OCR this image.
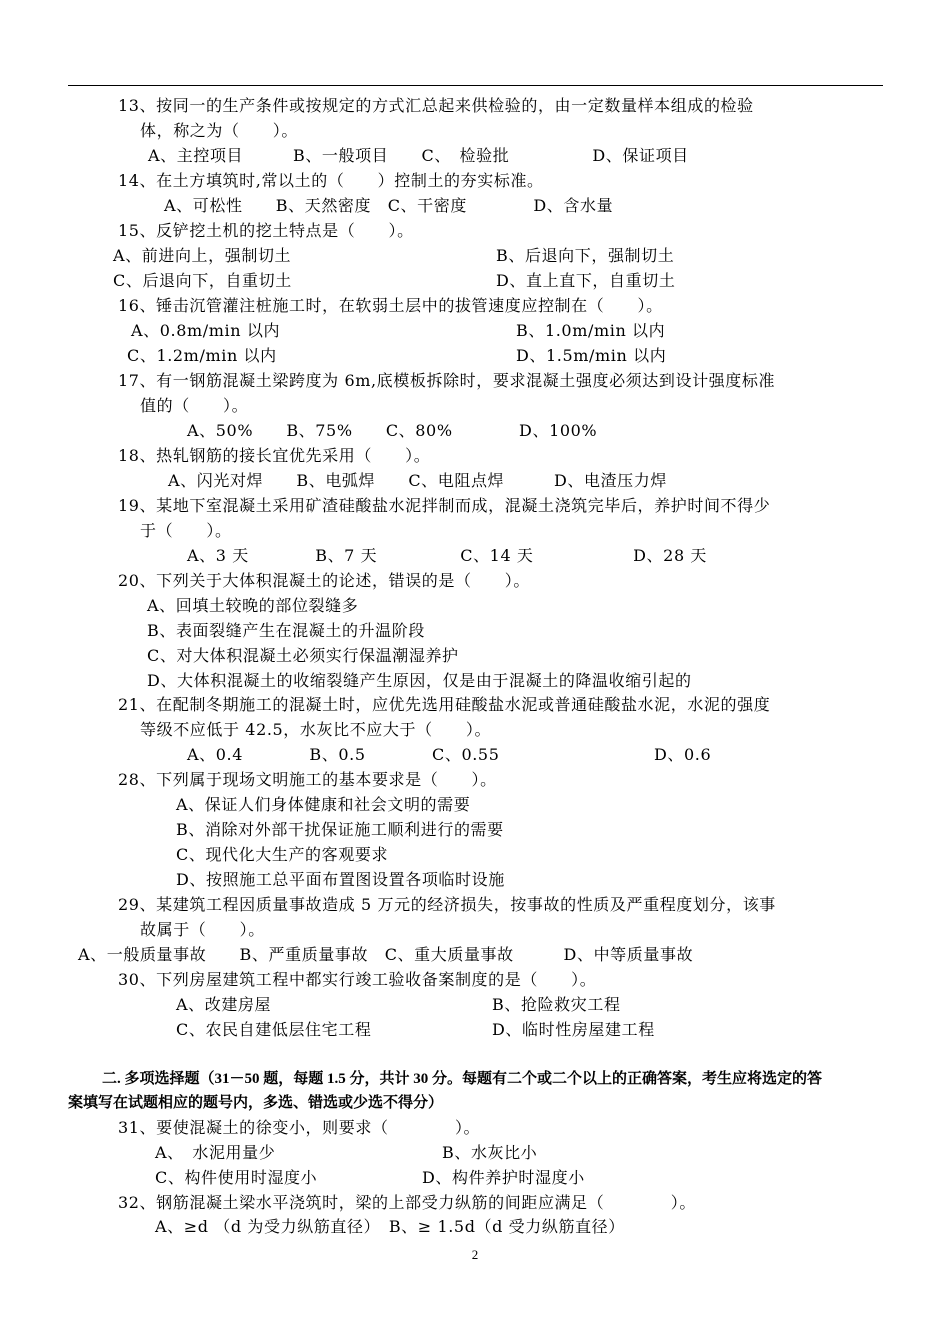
13、按同一的生产条件或按规定的方式汇总起来供检验的，由一定数量样本组成的检验
体，称之为（　　）。
A、主控项目　　　B、一般项目　　C、　检验批　　　　　D、保证项目
14、在土方填筑时,常以土的（　　）控制土的夯实标准。
A、可松性　　B、天然密度　C、干密度　　　　D、含水量
15、反铲挖土机的挖土特点是（　　）。
A、前进向上，强制切土	B、后退向下，强制切土
C、后退向下，自重切土	D、直上直下，自重切土
16、锤击沉管灌注桩施工时，在软弱土层中的拔管速度应控制在（　　）。
A、0.8m/min 以内	B、1.0m/min 以内
C、1.2m/min 以内	D、1.5m/min 以内
17、有一钢筋混凝土梁跨度为 6m,底模板拆除时，要求混凝土强度必须达到设计强度标准
值的（　　）。
A、50%　　B、75%　　C、80%　　　　D、100%
18、热轧钢筋的接长宜优先采用（　　）。
A、闪光对焊　　B、电弧焊　　C、电阻点焊　　　D、电渣压力焊
19、某地下室混凝土采用矿渣硅酸盐水泥拌制而成，混凝土浇筑完毕后，养护时间不得少
于（　　）。
A、3 天　　　　B、7 天　　　　　C、14 天　　　　　　D、28 天
20、下列关于大体积混凝土的论述，错误的是（　　）。
A、回填土较晚的部位裂缝多
B、表面裂缝产生在混凝土的升温阶段
C、对大体积混凝土必须实行保温潮湿养护
D、大体积混凝土的收缩裂缝产生原因，仅是由于混凝土的降温收缩引起的
21、在配制冬期施工的混凝土时，应优先选用硅酸盐水泥或普通硅酸盐水泥，水泥的强度
等级不应低于 42.5，水灰比不应大于（　　）。
A、0.4　　　　B、0.5　　　　C、0.55	D、0.6
28、下列属于现场文明施工的基本要求是（　　）。
A、保证人们身体健康和社会文明的需要
B、消除对外部干扰保证施工顺利进行的需要
C、现代化大生产的客观要求
D、按照施工总平面布置图设置各项临时设施
29、某建筑工程因质量事故造成 5 万元的经济损失，按事故的性质及严重程度划分，该事
故属于（　　）。
A、一般质量事故　　B、严重质量事故　C、重大质量事故　　　D、中等质量事故
30、下列房屋建筑工程中都实行竣工验收备案制度的是（　　）。
A、改建房屋	B、抢险救灾工程
C、农民自建低层住宅工程	D、临时性房屋建工程
二. 多项选择题（31－50 题，每题 1.5 分，共计 30 分。每题有二个或二个以上的正确答案，考生应将选定的答
案填写在试题相应的题号内，多选、错选或少选不得分）
31、要使混凝土的徐变小，则要求（　　　　）。
A、　水泥用量少	B、水灰比小
C、构件使用时湿度小	D、构件养护时湿度小
32、钢筋混凝土梁水平浇筑时，梁的上部受力纵筋的间距应满足（　　　　）。
A、≥d （d 为受力纵筋直径）　B、≥ 1.5d（d 受力纵筋直径）
2
